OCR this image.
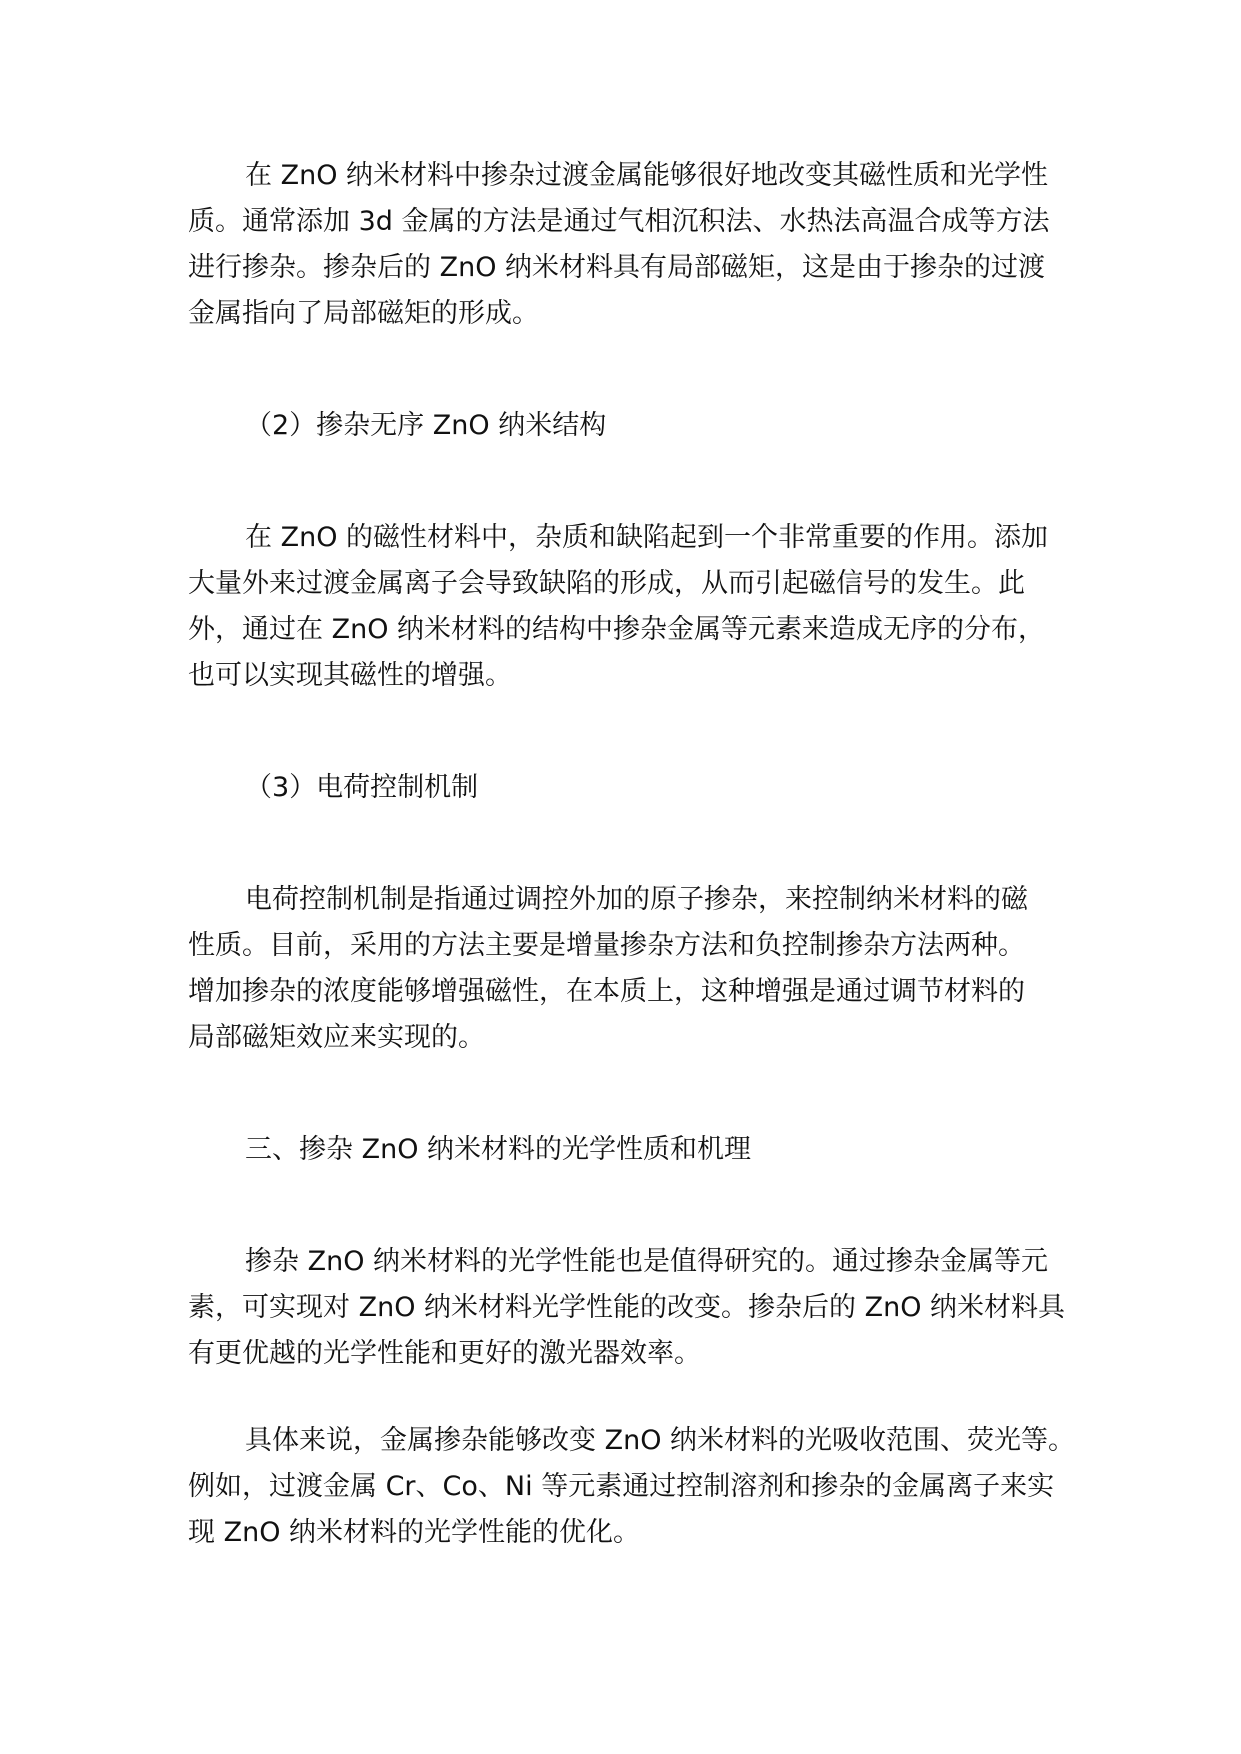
在 ZnO 纳米材料中掺杂过渡金属能够很好地改变其磁性质和光学性
质。通常添加 3d 金属的方法是通过气相沉积法、水热法高温合成等方法
进行掺杂。掺杂后的 ZnO 纳米材料具有局部磁矩，这是由于掺杂的过渡
金属指向了局部磁矩的形成。

（2）掺杂无序 ZnO 纳米结构

在 ZnO 的磁性材料中，杂质和缺陷起到一个非常重要的作用。添加
大量外来过渡金属离子会导致缺陷的形成，从而引起磁信号的发生。此
外，通过在 ZnO 纳米材料的结构中掺杂金属等元素来造成无序的分布，
也可以实现其磁性的增强。

（3）电荷控制机制

电荷控制机制是指通过调控外加的原子掺杂，来控制纳米材料的磁
性质。目前，采用的方法主要是增量掺杂方法和负控制掺杂方法两种。
增加掺杂的浓度能够增强磁性，在本质上，这种增强是通过调节材料的
局部磁矩效应来实现的。

三、掺杂 ZnO 纳米材料的光学性质和机理

掺杂 ZnO 纳米材料的光学性能也是值得研究的。通过掺杂金属等元
素，可实现对 ZnO 纳米材料光学性能的改变。掺杂后的 ZnO 纳米材料具
有更优越的光学性能和更好的激光器效率。

具体来说，金属掺杂能够改变 ZnO 纳米材料的光吸收范围、荧光等。
例如，过渡金属 Cr、Co、Ni 等元素通过控制溶剂和掺杂的金属离子来实
现 ZnO 纳米材料的光学性能的优化。
